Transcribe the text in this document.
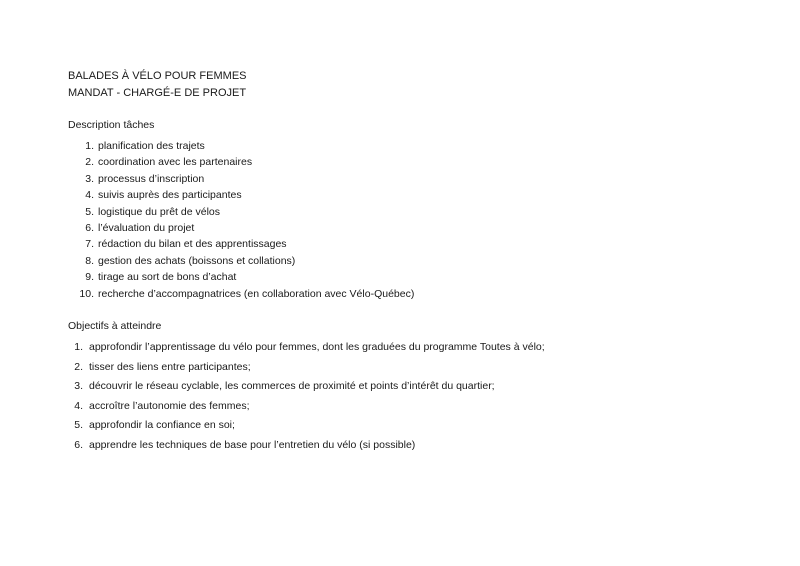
BALADES À VÉLO POUR FEMMES
MANDAT - CHARGÉ-E DE PROJET
Description tâches
1. planification des trajets
2. coordination avec les partenaires
3. processus d’inscription
4. suivis auprès des participantes
5. logistique du prêt de vélos
6. l’évaluation du projet
7. rédaction du bilan et des apprentissages
8. gestion des achats (boissons et collations)
9. tirage au sort de bons d’achat
10. recherche d’accompagnatrices (en collaboration avec Vélo-Québec)
Objectifs à atteindre
1. approfondir l’apprentissage du vélo pour femmes, dont les graduées du programme Toutes à vélo;
2. tisser des liens entre participantes;
3. découvrir le réseau cyclable, les commerces de proximité et points d’intérêt du quartier;
4. accroître l’autonomie des femmes;
5. approfondir la confiance en soi;
6. apprendre les techniques de base pour l’entretien du vélo (si possible)
